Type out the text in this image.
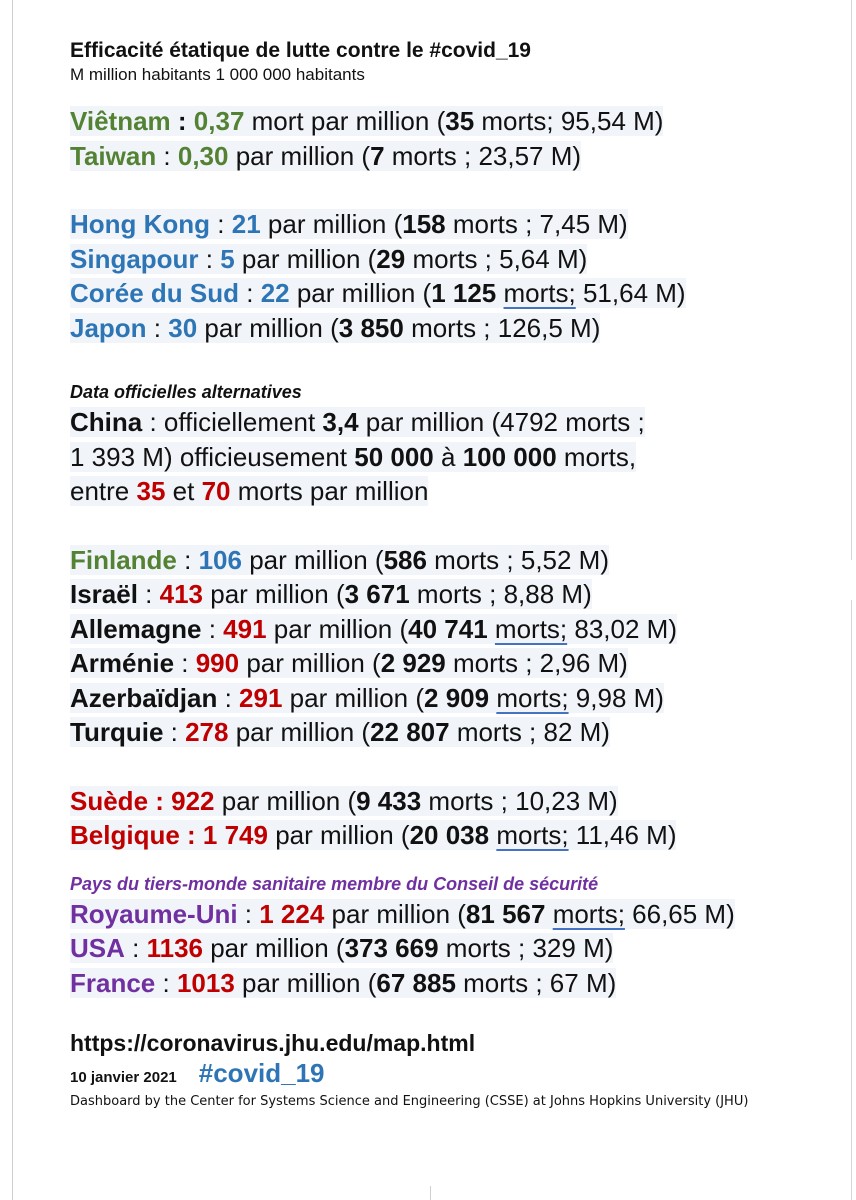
Efficacité étatique de lutte contre le #covid_19
M million habitants 1 000 000 habitants
Viêtnam : 0,37 mort par million (35 morts; 95,54 M)
Taiwan : 0,30 par million (7 morts ; 23,57 M)
Hong Kong : 21 par million (158 morts ; 7,45 M)
Singapour : 5 par million (29 morts ; 5,64 M)
Corée du Sud : 22 par million (1 125 morts; 51,64 M)
Japon : 30 par million (3 850 morts ; 126,5 M)
Data officielles alternatives
China : officiellement 3,4 par million (4792 morts ;
1 393 M) officieusement 50 000 à 100 000 morts,
entre 35 et 70 morts par million
Finlande : 106 par million (586 morts ; 5,52 M)
Israël : 413 par million (3 671 morts ; 8,88 M)
Allemagne : 491 par million (40 741 morts; 83,02 M)
Arménie : 990 par million (2 929 morts ; 2,96 M)
Azerbaïdjan : 291 par million (2 909 morts; 9,98 M)
Turquie : 278 par million (22 807 morts ; 82 M)
Suède : 922 par million (9 433 morts ; 10,23 M)
Belgique : 1 749 par million (20 038 morts; 11,46 M)
Pays du tiers-monde sanitaire membre du Conseil de sécurité
Royaume-Uni : 1 224 par million (81 567 morts; 66,65 M)
USA : 1136 par million (373 669 morts ; 329 M)
France : 1013 par million (67 885 morts ; 67 M)
https://coronavirus.jhu.edu/map.html
10 janvier 2021 #covid_19
Dashboard by the Center for Systems Science and Engineering (CSSE) at Johns Hopkins University (JHU)
